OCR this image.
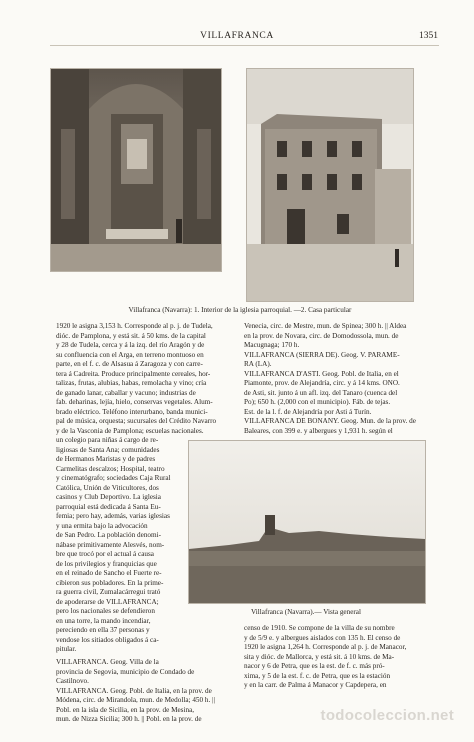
VILLAFRANCA	1351
Villafranca (Navarra): 1. Interior de la iglesia parroquial. —2. Casa particular

1920 le asigna 3,153 h. Corresponde al p. j. de Tudela,

dióc. de Pamplona, y está sit. á 50 kms. de la capital

y 28 de Tudela, cerca y á la izq. del río Aragón y de

su confluencia con el Arga, en terreno montuoso en

parte, en el f. c. de Alsasua á Zaragoza y con carre-

tera á Cadreita. Produce principalmente cereales, hor-

talizas, frutas, alubias, habas, remolacha y vino; cría

de ganado lanar, caballar y vacuno; industrias de

fab. deharinas, lejía, hielo, conservas vegetales. Alum-

brado eléctrico. Teléfono interurbano, banda munici-

pal de música, orquesta; sucursales del Crédito Navarro

y de la Vasconia de Pamplona; escuelas nacionales.

un colegio para niñas á cargo de re-

ligiosas de Santa Ana; comunidades

de Hermanos Maristas y de padres

Carmelitas descalzos; Hospital, teatro

y cinematógrafo; sociedades Caja Rural

Católica, Unión de Viticultores, dos

casinos y Club Deportivo. La iglesia

parroquial está dedicada á Santa Eu-

femia; pero hay, además, varias iglesias

y una ermita bajo la advocación

de San Pedro. La población denomi-

nábase primitivamente Alesvés, nom-

bre que trocó por el actual á causa

de los privilegios y franquicias que

en el reinado de Sancho el Fuerte re-

cibieron sus pobladores. En la prime-

ra guerra civil, Zumalacárregui trató

de apoderarse de VILLAFRANCA;

pero los nacionales se defendieron

en una torre, la mando incendiar,

pereciendo en ella 37 personas y

vendose los sitiados obligados á ca-

pitular.

VILLAFRANCA. Geog. Villa de la

provincia de Segovia, municipio de Condado de

Castilnovo.

VILLAFRANCA. Geog. Pobl. de Italia, en la prov. de

Módena, circ. de Mirandola, mun. de Medolla; 450 h. ||

Pobl. en la isla de Sicilia, en la prov. de Mesina,

mun. de Nizza Sicilia; 300 h. || Pobl. en la prov. de

Venecia, circ. de Mestre, mun. de Spinea; 300 h. || Aldea

en la prov. de Novara, circ. de Domodossola, mun. de

Macugnaga; 170 h.

VILLAFRANCA (SIERRA DE). Geog. V. PARAME-

RA (LA).

VILLAFRANCA D'ASTI. Geog. Pobl. de Italia, en el

Piamonte, prov. de Alejandría, circ. y á 14 kms. ONO.

de Asti, sit. junto á un afl. izq. del Tanaro (cuenca del

Po); 650 h. (2,000 con el municipio). Fáb. de tejas.

Est. de la l. f. de Alejandría por Asti á Turín.

VILLAFRANCA DE BONANY. Geog. Mun. de la prov. de

Baleares, con 399 e. y albergues y 1,931 h. según el

Villafranca (Navarra).— Vista general

censo de 1910. Se compone de la villa de su nombre

y de 5/9 e. y albergues aislados con 135 h. El censo de

1920 le asigna 1,264 h. Corresponde al p. j. de Manacor,

sita y dióc. de Mallorca, y está sit. á 10 kms. de Ma-

nacor y 6 de Petra, que es la est. de f. c. más pró-

xima, y 5 de la est. f. c. de Petra, que es la estación

y en la carr. de Palma á Manacor y Capdepera, en

todocoleccion.net
